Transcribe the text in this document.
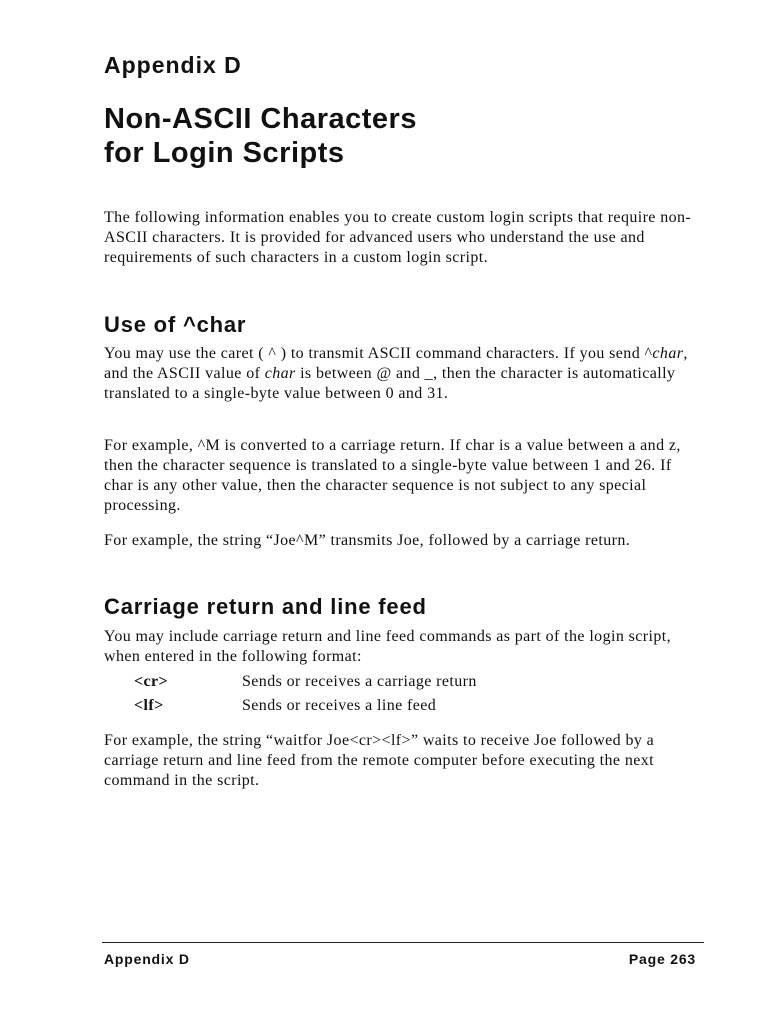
Appendix D
Non-ASCII Characters
for Login Scripts

The following information enables you to create custom login scripts that require non-ASCII characters. It is provided for advanced users who understand the use and requirements of such characters in a custom login script.

Use of ^char

You may use the caret ( ^ ) to transmit ASCII command characters. If you send ^char, and the ASCII value of char is between @ and _, then the character is automatically translated to a single-byte value between 0 and 31.

For example, ^M is converted to a carriage return. If char is a value between a and z, then the character sequence is translated to a single-byte value between 1 and 26. If char is any other value, then the character sequence is not subject to any special processing.

For example, the string “Joe^M” transmits Joe, followed by a carriage return.

Carriage return and line feed

You may include carriage return and line feed commands as part of the login script, when entered in the following format:

<cr>	Sends or receives a carriage return
<lf>	Sends or receives a line feed

For example, the string “waitfor Joe<cr><lf>” waits to receive Joe followed by a carriage return and line feed from the remote computer before executing the next command in the script.

Appendix D	Page 263
